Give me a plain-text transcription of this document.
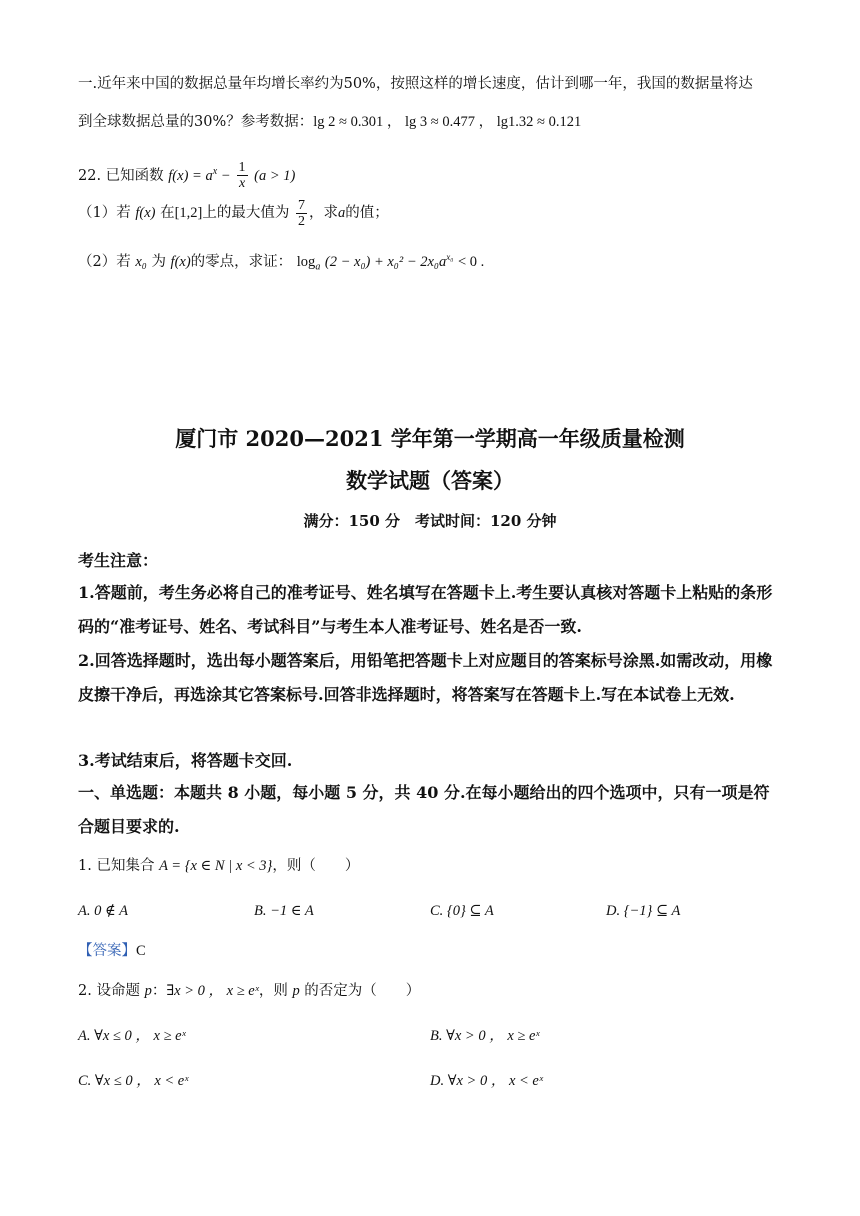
一.近年来中国的数据总量年均增长率约为50%，按照这样的增长速度，估计到哪一年，我国的数据量将达
到全球数据总量的30%？参考数据：lg 2 ≈ 0.301 ， lg 3 ≈ 0.477 ， lg1.32 ≈ 0.121
22. 已知函数 $f(x) = a^x - \frac{1}{x} (a > 1)$
（1）若 f(x) 在[1,2]上的最大值为 $\frac{7}{2}$ ，求a的值；
（2）若 x₀ 为 f(x)的零点，求证： $\log_a (2 - x_0) + x_0^2 - 2x_0a^{x_0} < 0$ .
厦门市 2020—2021 学年第一学期高一年级质量检测
数学试题（答案）
满分：150 分　考试时间：120 分钟
考生注意：
1.答题前，考生务必将自己的准考证号、姓名填写在答题卡上.考生要认真核对答题卡上粘贴的条形码的“准考证号、姓名、考试科目”与考生本人准考证号、姓名是否一致.
2.回答选择题时，选出每小题答案后，用铅笔把答题卡上对应题目的答案标号涂黑.如需改动，用橡皮擦干净后，再选涂其它答案标号.回答非选择题时，将答案写在答题卡上.写在本试卷上无效.
3.考试结束后，将答题卡交回.
一、单选题：本题共 8 小题，每小题 5 分，共 40 分.在每小题给出的四个选项中，只有一项是符合题目要求的.
1. 已知集合 A = {x ∈ N | x < 3}，则（　　）
A. 0 ∉ A	B. −1 ∈ A	C. {0} ⊆ A	D. {−1} ⊆ A
【答案】C
2. 设命题 p：∃x > 0 ， x ≥ eˣ，则 p 的否定为（　　）
A. ∀x ≤ 0 ， x ≥ eˣ	B. ∀x > 0 ， x ≥ eˣ
C. ∀x ≤ 0 ， x < eˣ	D. ∀x > 0 ， x < eˣ
